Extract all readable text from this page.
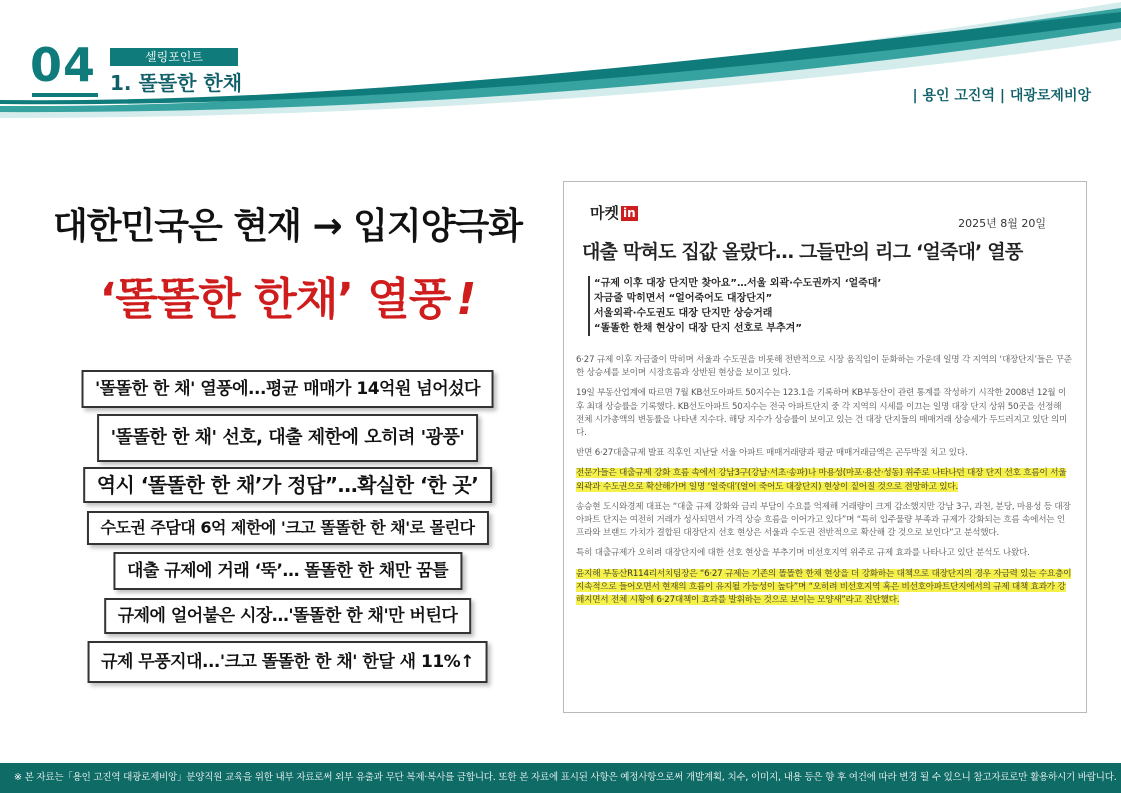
04	셀링포인트
1. 똘똘한 한채
| 용인 고진역 | 대광로제비앙
대한민국은 현재 → 입지양극화
‘똘똘한 한채’ 열풍 !
'똘똘한 한 채' 열풍에...평균 매매가 14억원 넘어섰다
'똘똘한 한 채' 선호, 대출 제한에 오히려 '광풍'
역시 ‘똘똘한 한 채’가 정답”…확실한 ‘한 곳’
수도권 주담대 6억 제한에 '크고 똘똘한 한 채'로 몰린다
대출 규제에 거래 ‘뚝’… 똘똘한 한 채만 꿈틀
규제에 얼어붙은 시장…'똘똘한 한 채'만 버틴다
규제 무풍지대...'크고 똘똘한 한 채' 한달 새 11%↑
마켓 in
2025년 8월 20일
대출 막혀도 집값 올랐다… 그들만의 리그 ‘얼죽대’ 열풍
“규제 이후 대장 단지만 찾아요”…서울 외곽·수도권까지 ‘얼죽대’
자금줄 막히면서 “얼어죽어도 대장단지”
서울외곽·수도권도 대장 단지만 상승거래
“똘똘한 한채 현상이 대장 단지 선호로 부추겨”

6·27 규제 이후 자금줄이 막히며 서울과 수도권을 비롯해 전반적으로 시장 움직임이 둔화하는 가운데 일명 각 지역의 ‘대장단지’들은 꾸준한 상승세를 보이며 시장흐름과 상반된 현상을 보이고 있다.

19일 부동산업계에 따르면 7월 KB선도아파트 50지수는 123.1을 기록하며 KB부동산이 관련 통계를 작성하기 시작한 2008년 12월 이후 최대 상승률을 기록했다. KB선도아파트 50지수는 전국 아파트단지 중 각 지역의 시세를 이끄는 일명 대장 단지 상위 50곳을 선정해 전체 시가총액의 변동률을 나타낸 지수다. 해당 지수가 상승률이 보이고 있는 건 대장 단지들의 매매거래 상승세가 두드러지고 있단 의미다.

반면 6·27대출규제 발표 직후인 지난달 서울 아파트 매매거래량과 평균 매매거래금액은 곤두박질 치고 있다.

전문가들은 대출규제 강화 흐름 속에서 강남3구(강남·서초·송파)나 마용성(마포·용산·성동) 위주로 나타나던 대장 단지 선호 흐름이 서울 외곽과 수도권으로 확산해가며 일명 ‘얼죽대’(얼어 죽어도 대장단지) 현상이 짙어질 것으로 전망하고 있다.

송승현 도시와경제 대표는 “대출 규제 강화와 금리 부담이 수요를 억제해 거래량이 크게 감소했지만 강남 3구, 과천, 분당, 마용성 등 대장 아파트 단지는 여전히 거래가 성사되면서 가격 상승 흐름을 이어가고 있다”며 “특히 입주물량 부족과 규제가 강화되는 흐름 속에서는 인프라와 브랜드 가치가 결합된 대장단지 선호 현상은 서울과 수도권 전반적으로 확산해 갈 것으로 보인다”고 분석했다.

특히 대출규제가 오히려 대장단지에 대한 선호 현상을 부추기며 비선호지역 위주로 규제 효과를 나타나고 있단 분석도 나왔다.

윤지해 부동산R114리서치팀장은 “6·27 규제는 기존의 똘똘한 한채 현상을 더 강화하는 대책으로 대장단지의 경우 자금력 있는 수요층이 지속적으로 들어오면서 현재의 흐름이 유지될 가능성이 높다”며 “오히려 비선호지역 혹은 비선호아파트단지에서의 규제 대책 효과가 강해지면서 전체 시황에 6·27대책이 효과를 발휘하는 것으로 보이는 모양새”라고 진단했다.

※ 본 자료는「용인 고진역 대광로제비앙」분양직원 교육을 위한 내부 자료로써 외부 유출과 무단 복제·복사를 금합니다. 또한 본 자료에 표시된 사항은 예정사항으로써 개발계획, 치수, 이미지, 내용 등은 향 후 여건에 따라 변경 될 수 있으니 참고자료로만 활용하시기 바랍니다.
